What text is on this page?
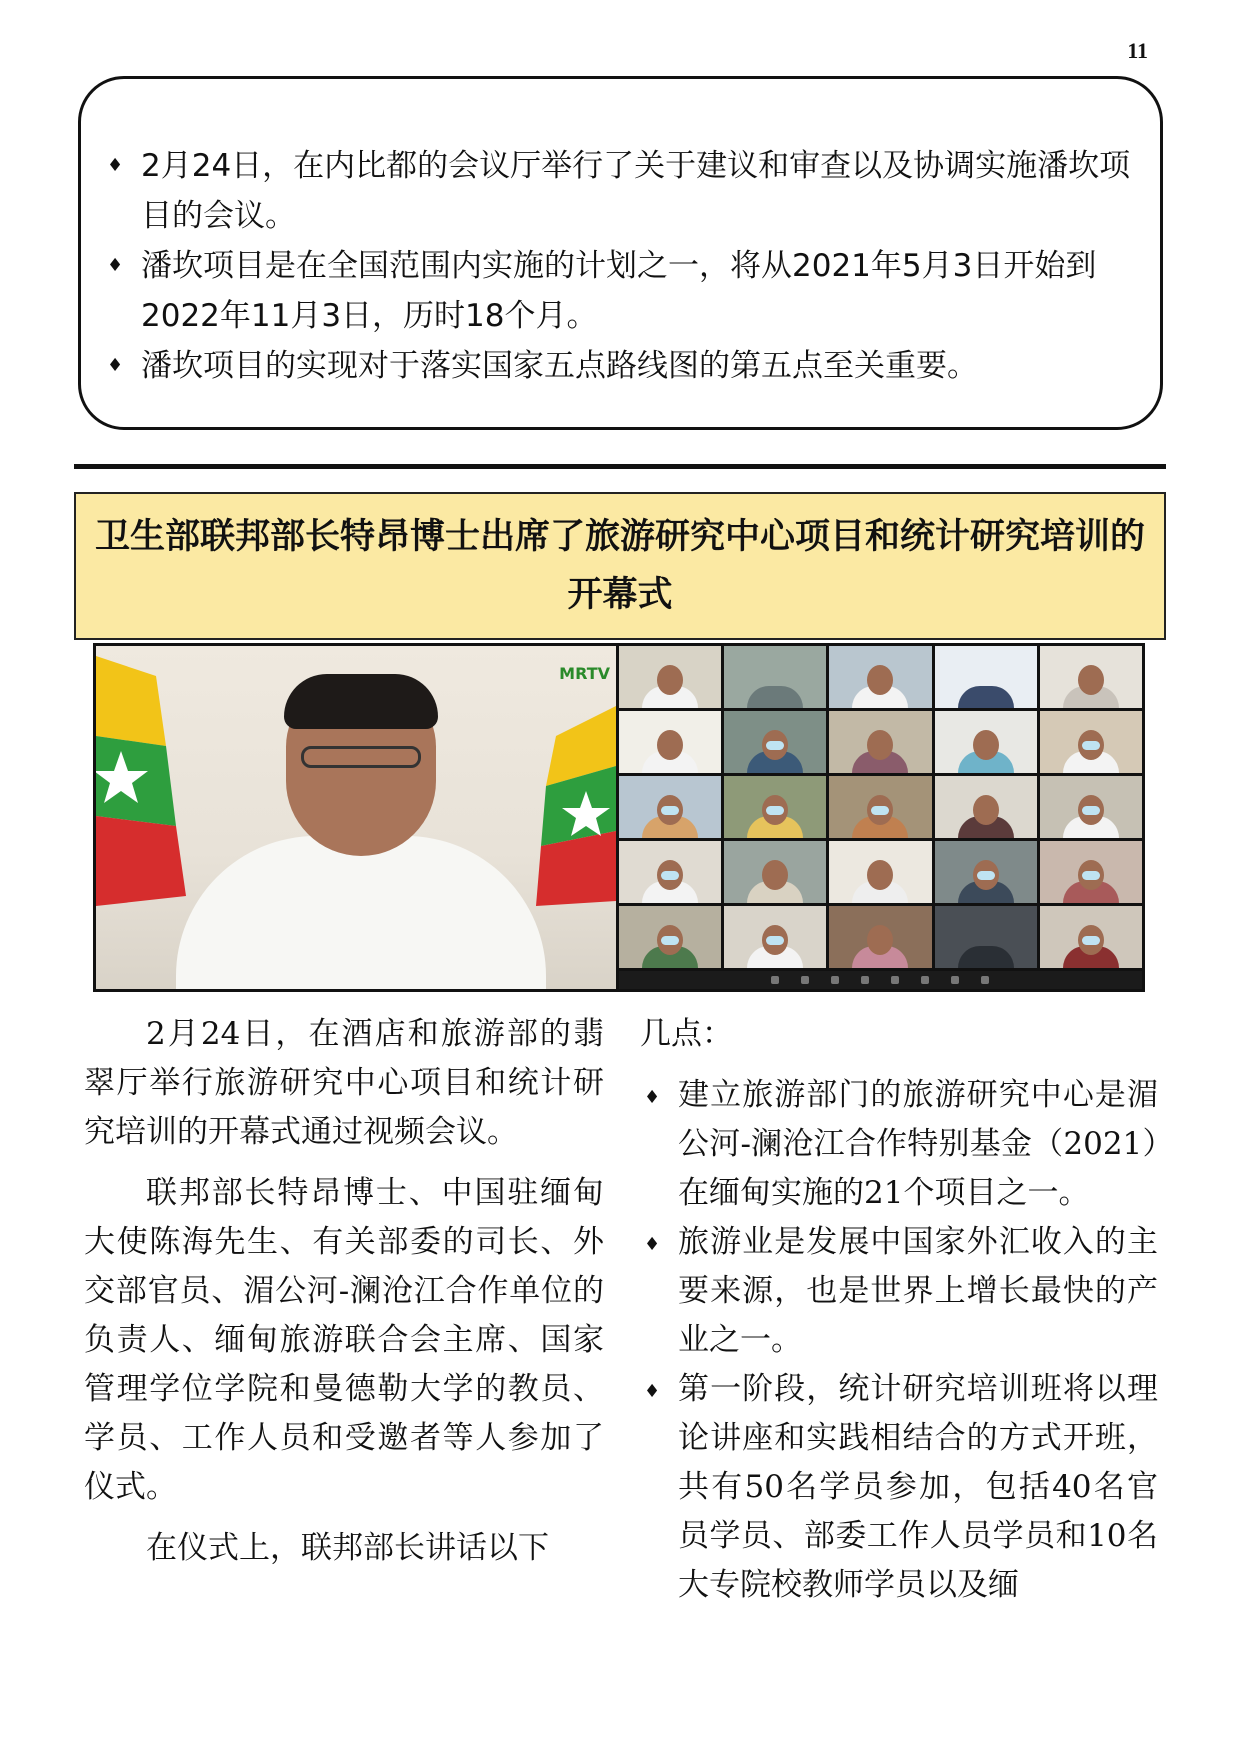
11
♦ 2月24日，在内比都的会议厅举行了关于建议和审查以及协调实施潘坎项目的会议。
♦ 潘坎项目是在全国范围内实施的计划之一，将从2021年5月3日开始到2022年11月3日，历时18个月。
♦ 潘坎项目的实现对于落实国家五点路线图的第五点至关重要。
卫生部联邦部长特昂博士出席了旅游研究中心项目和统计研究培训的开幕式
MRTV

2月24日，在酒店和旅游部的翡翠厅举行旅游研究中心项目和统计研究培训的开幕式通过视频会议。

联邦部长特昂博士、中国驻缅甸大使陈海先生、有关部委的司长、外交部官员、湄公河-澜沧江合作单位的负责人、缅甸旅游联合会主席、国家管理学位学院和曼德勒大学的教员、学员、工作人员和受邀者等人参加了仪式。

在仪式上，联邦部长讲话以下

几点：

♦ 建立旅游部门的旅游研究中心是湄公河-澜沧江合作特别基金（2021）在缅甸实施的21个项目之一。
♦ 旅游业是发展中国家外汇收入的主要来源，也是世界上增长最快的产业之一。
♦ 第一阶段，统计研究培训班将以理论讲座和实践相结合的方式开班，共有50名学员参加，包括40名官员学员、部委工作人员学员和10名大专院校教师学员以及缅
